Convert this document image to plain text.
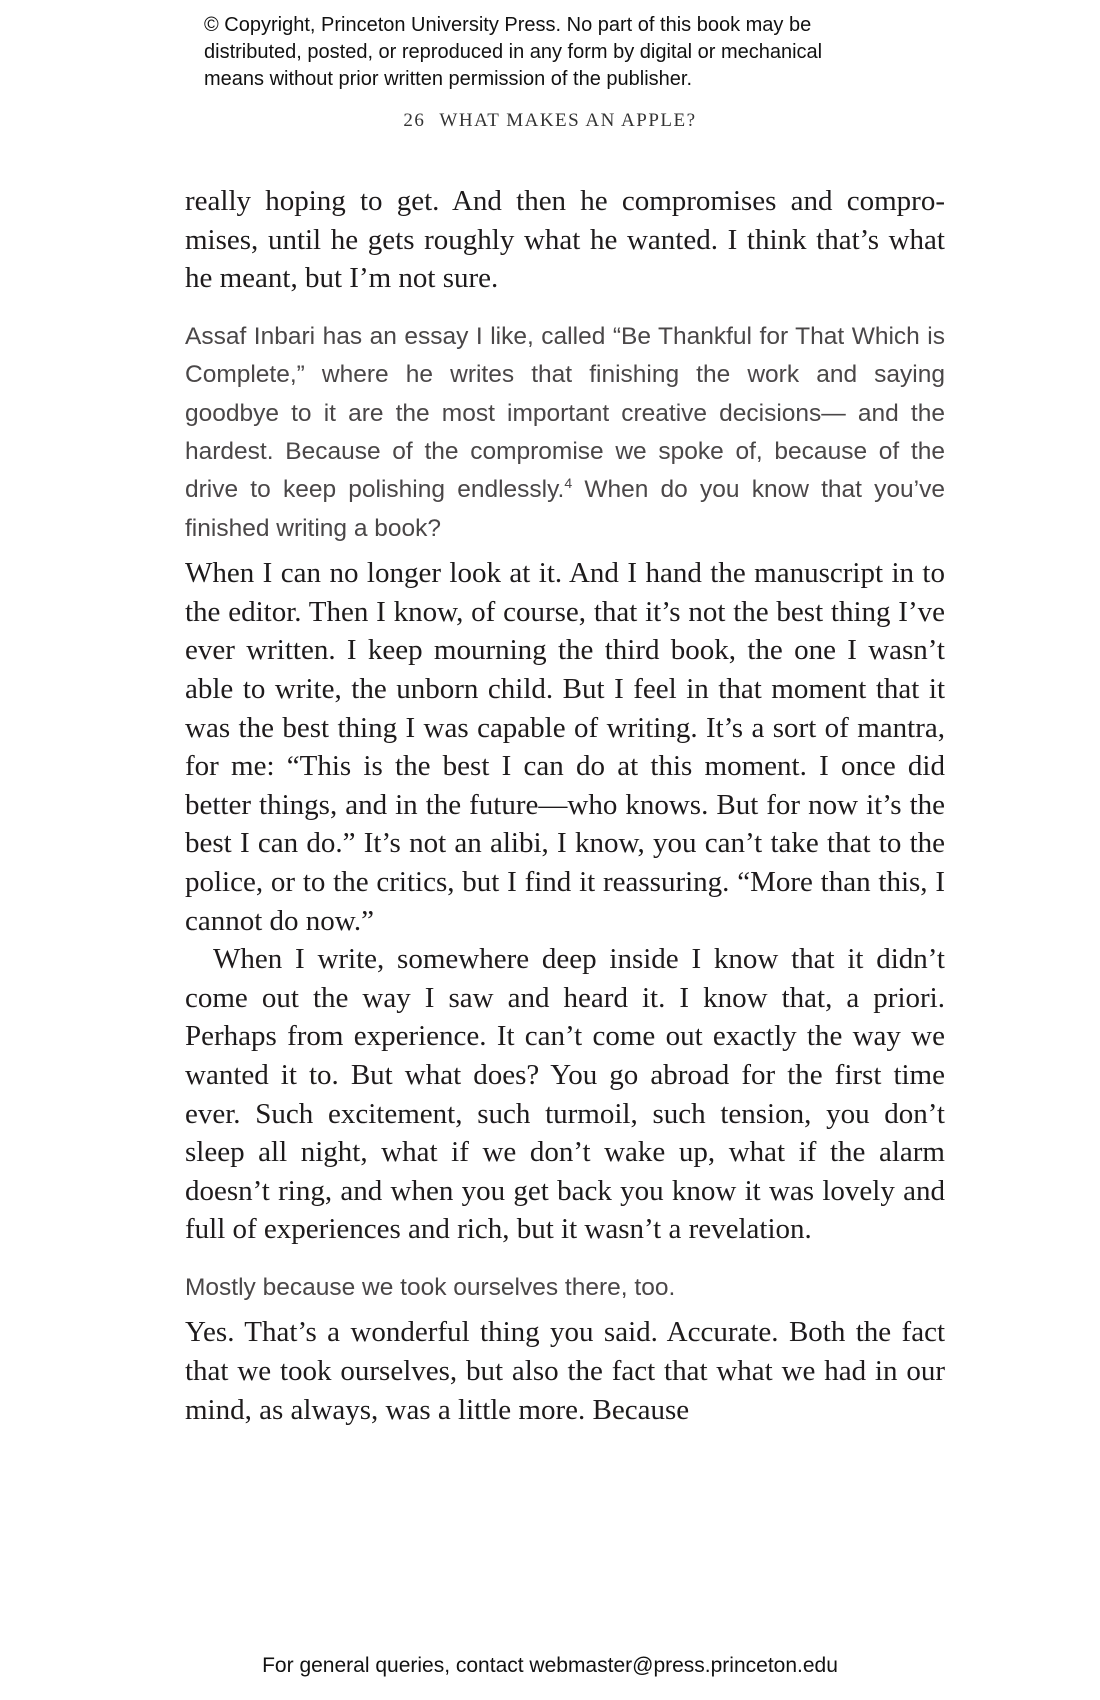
© Copyright, Princeton University Press. No part of this book may be
distributed, posted, or reproduced in any form by digital or mechanical
means without prior written permission of the publisher.
26 WHAT MAKES AN APPLE?

really hoping to get. And then he compromises and compromises, until he gets roughly what he wanted. I think that’s what he meant, but I’m not sure.

Assaf Inbari has an essay I like, called “Be Thankful for That Which is Complete,” where he writes that finishing the work and saying goodbye to it are the most important creative decisions— and the hardest. Because of the compromise we spoke of, because of the drive to keep polishing endlessly.$^4$ When do you know that you’ve finished writing a book?

When I can no longer look at it. And I hand the manuscript in to the editor. Then I know, of course, that it’s not the best thing I’ve ever written. I keep mourning the third book, the one I wasn’t able to write, the unborn child. But I feel in that moment that it was the best thing I was capable of writing. It’s a sort of mantra, for me: “This is the best I can do at this moment. I once did better things, and in the future—who knows. But for now it’s the best I can do.” It’s not an alibi, I know, you can’t take that to the police, or to the critics, but I find it reassuring. “More than this, I cannot do now.”

When I write, somewhere deep inside I know that it didn’t come out the way I saw and heard it. I know that, a priori. Perhaps from experience. It can’t come out exactly the way we wanted it to. But what does? You go abroad for the first time ever. Such excitement, such turmoil, such tension, you don’t sleep all night, what if we don’t wake up, what if the alarm doesn’t ring, and when you get back you know it was lovely and full of experiences and rich, but it wasn’t a revelation.

Mostly because we took ourselves there, too.

Yes. That’s a wonderful thing you said. Accurate. Both the fact that we took ourselves, but also the fact that what we had in our mind, as always, was a little more. Because

For general queries, contact webmaster@press.princeton.edu
